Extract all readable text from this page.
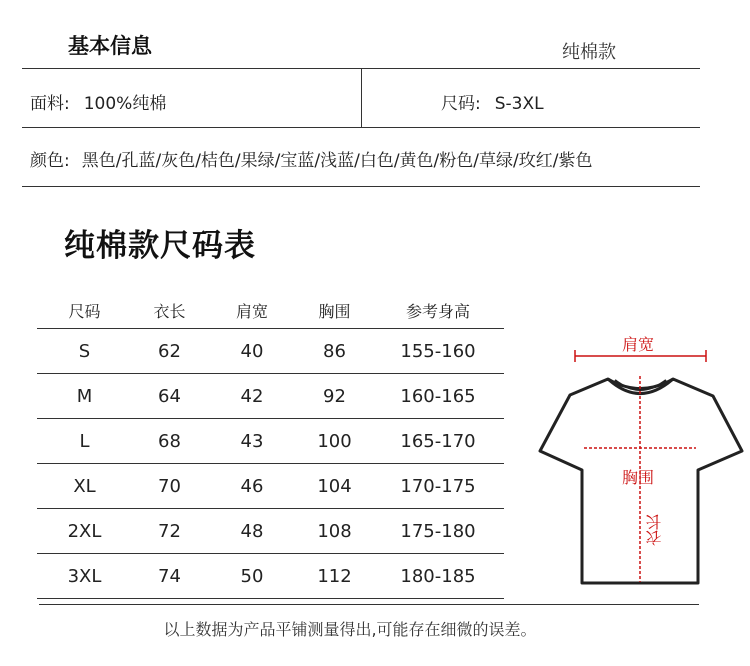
基本信息	纯棉款
面料: 100%纯棉	尺码: S-3XL
颜色: 黑色/孔蓝/灰色/桔色/果绿/宝蓝/浅蓝/白色/黄色/粉色/草绿/玫红/紫色
纯棉款尺码表
尺码	衣长	肩宽	胸围	参考身高
S	62	40	86	155-160
M	64	42	92	160-165
L	68	43	100	165-170
XL	70	46	104	170-175
2XL	72	48	108	175-180
3XL	74	50	112	180-185
肩宽
胸围
衣长
以上数据为产品平铺测量得出,可能存在细微的误差。
